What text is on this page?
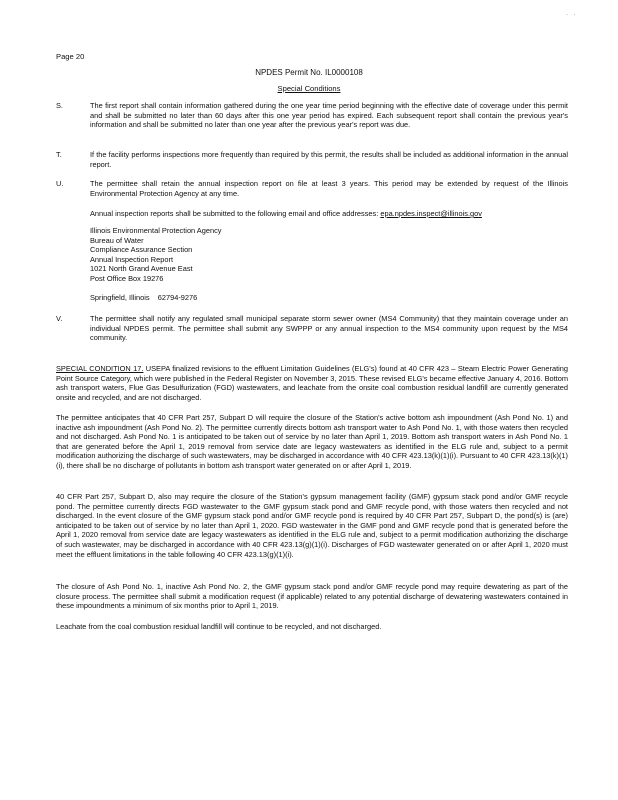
· ·
Page 20
NPDES Permit No. IL0000108
Special Conditions
S.	The first report shall contain information gathered during the one year time period beginning with the effective date of coverage under this permit and shall be submitted no later than 60 days after this one year period has expired. Each subsequent report shall contain the previous year's information and shall be submitted no later than one year after the previous year's report was due.

T.	If the facility performs inspections more frequently than required by this permit, the results shall be included as additional information in the annual report.

U.	The permittee shall retain the annual inspection report on file at least 3 years. This period may be extended by request of the Illinois Environmental Protection Agency at any time.

Annual inspection reports shall be submitted to the following email and office addresses: epa.npdes.inspect@illinois.gov

Illinois Environmental Protection Agency
Bureau of Water
Compliance Assurance Section
Annual Inspection Report
1021 North Grand Avenue East
Post Office Box 19276
Springfield, Illinois    62794-9276
V.	The permittee shall notify any regulated small municipal separate storm sewer owner (MS4 Community) that they maintain coverage under an individual NPDES permit. The permittee shall submit any SWPPP or any annual inspection to the MS4 community upon request by the MS4 community.

SPECIAL CONDITION 17. USEPA finalized revisions to the effluent Limitation Guidelines (ELG's) found at 40 CFR 423 – Steam Electric Power Generating Point Source Category, which were published in the Federal Register on November 3, 2015. These revised ELG's became effective January 4, 2016. Bottom ash transport waters, Flue Gas Desulfurization (FGD) wastewaters, and leachate from the onsite coal combustion residual landfill are currently generated onsite and recycled, and are not discharged.

The permittee anticipates that 40 CFR Part 257, Subpart D will require the closure of the Station's active bottom ash impoundment (Ash Pond No. 1) and inactive ash impoundment (Ash Pond No. 2). The permittee currently directs bottom ash transport water to Ash Pond No. 1, with those waters then recycled and not discharged. Ash Pond No. 1 is anticipated to be taken out of service by no later than April 1, 2019. Bottom ash transport waters in Ash Pond No. 1 that are generated before the April 1, 2019 removal from service date are legacy wastewaters as identified in the ELG rule and, subject to a permit modification authorizing the discharge of such wastewaters, may be discharged in accordance with 40 CFR 423.13(k)(1)(i). Pursuant to 40 CFR 423.13(k)(1)(i), there shall be no discharge of pollutants in bottom ash transport water generated on or after April 1, 2019.

40 CFR Part 257, Subpart D, also may require the closure of the Station's gypsum management facility (GMF) gypsum stack pond and/or GMF recycle pond. The permittee currently directs FGD wastewater to the GMF gypsum stack pond and GMF recycle pond, with those waters then recycled and not discharged. In the event closure of the GMF gypsum stack pond and/or GMF recycle pond is required by 40 CFR Part 257, Subpart D, the pond(s) is (are) anticipated to be taken out of service by no later than April 1, 2020. FGD wastewater in the GMF pond and GMF recycle pond that is generated before the April 1, 2020 removal from service date are legacy wastewaters as identified in the ELG rule and, subject to a permit modification authorizing the discharge of such wastewater, may be discharged in accordance with 40 CFR 423.13(g)(1)(i). Discharges of FGD wastewater generated on or after April 1, 2020 must meet the effluent limitations in the table following 40 CFR 423.13(g)(1)(i).

The closure of Ash Pond No. 1, inactive Ash Pond No. 2, the GMF gypsum stack pond and/or GMF recycle pond may require dewatering as part of the closure process. The permittee shall submit a modification request (if applicable) related to any potential discharge of dewatering wastewaters contained in these impoundments a minimum of six months prior to April 1, 2019.

Leachate from the coal combustion residual landfill will continue to be recycled, and not discharged.
